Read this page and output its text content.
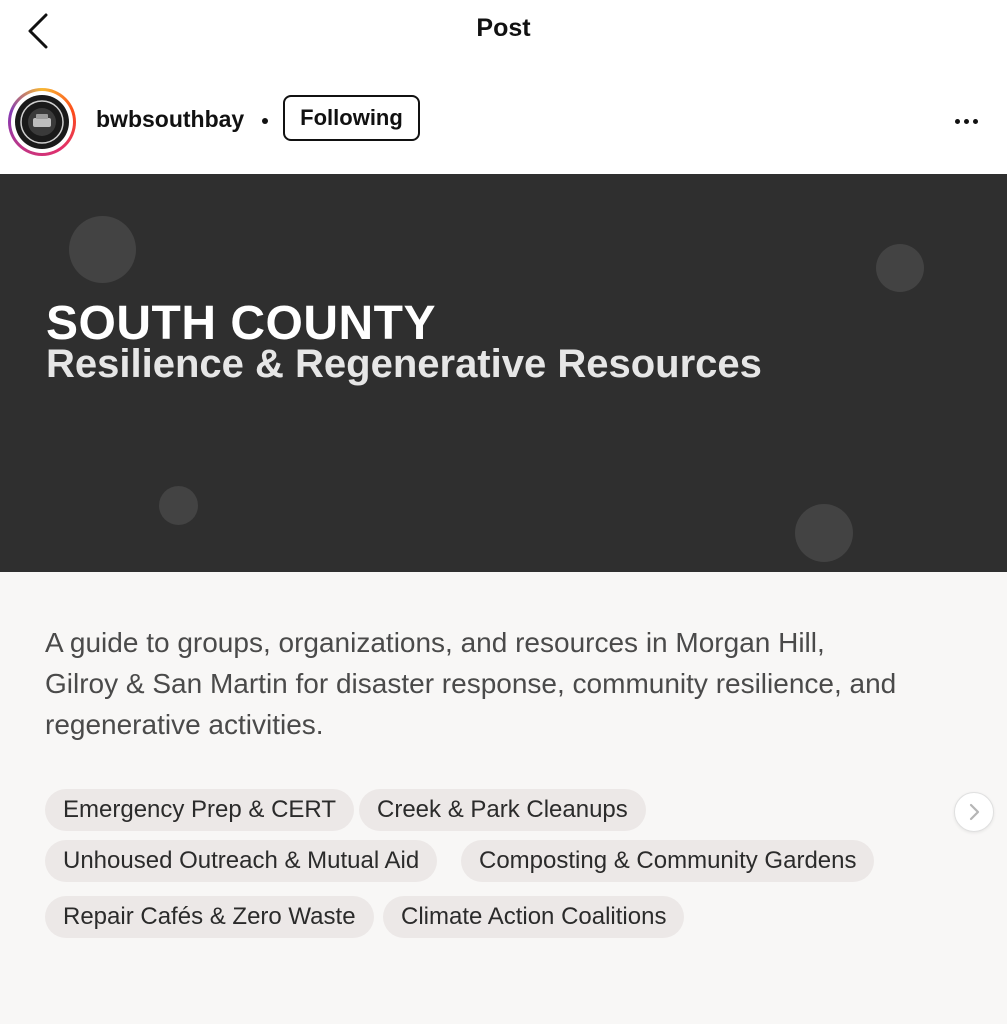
Post
bwbsouthbay	Following
SOUTH COUNTY
Resilience & Regenerative Resources
A guide to groups, organizations, and resources in Morgan Hill,
Gilroy & San Martin for disaster response, community resilience, and
regenerative activities.
Emergency Prep & CERT	Creek & Park Cleanups
Unhoused Outreach & Mutual Aid	Composting & Community Gardens
Repair Cafés & Zero Waste	Climate Action Coalitions
